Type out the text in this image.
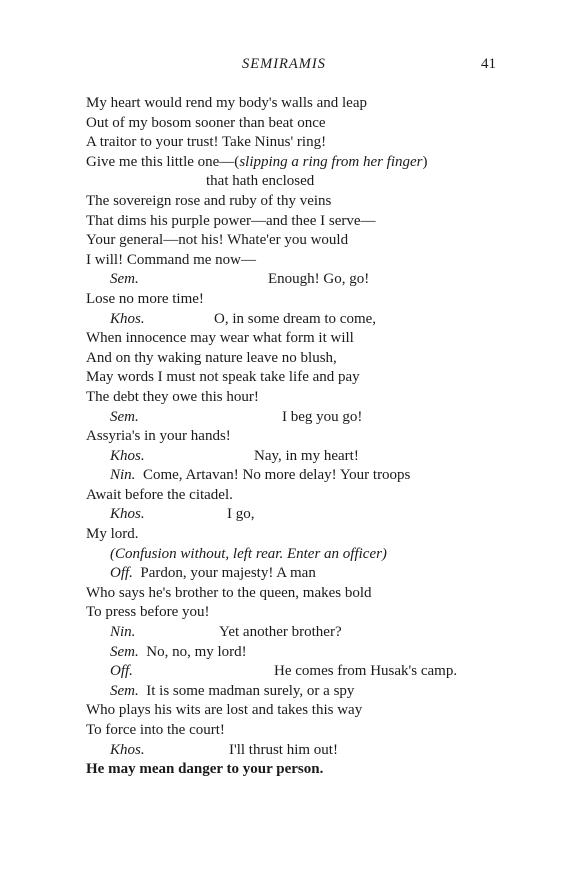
SEMIRAMIS	41
My heart would rend my body's walls and leap
Out of my bosom sooner than beat once
A traitor to your trust! Take Ninus' ring!
Give me this little one—(slipping a ring from her finger)
that hath enclosed
The sovereign rose and ruby of thy veins
That dims his purple power—and thee I serve—
Your general—not his! Whate'er you would
I will! Command me now—
Sem.	Enough! Go, go!
Lose no more time!
Khos.	O, in some dream to come,
When innocence may wear what form it will
And on thy waking nature leave no blush,
May words I must not speak take life and pay
The debt they owe this hour!
Sem.	I beg you go!
Assyria's in your hands!
Khos.	Nay, in my heart!
Nin. Come, Artavan! No more delay! Your troops
Await before the citadel.
Khos.	I go,
My lord.
(Confusion without, left rear. Enter an officer)
Off. Pardon, your majesty! A man
Who says he's brother to the queen, makes bold
To press before you!
Nin.	Yet another brother?
Sem. No, no, my lord!
Off.	He comes from Husak's camp.
Sem. It is some madman surely, or a spy
Who plays his wits are lost and takes this way
To force into the court!
Khos.	I'll thrust him out!
He may mean danger to your person.
